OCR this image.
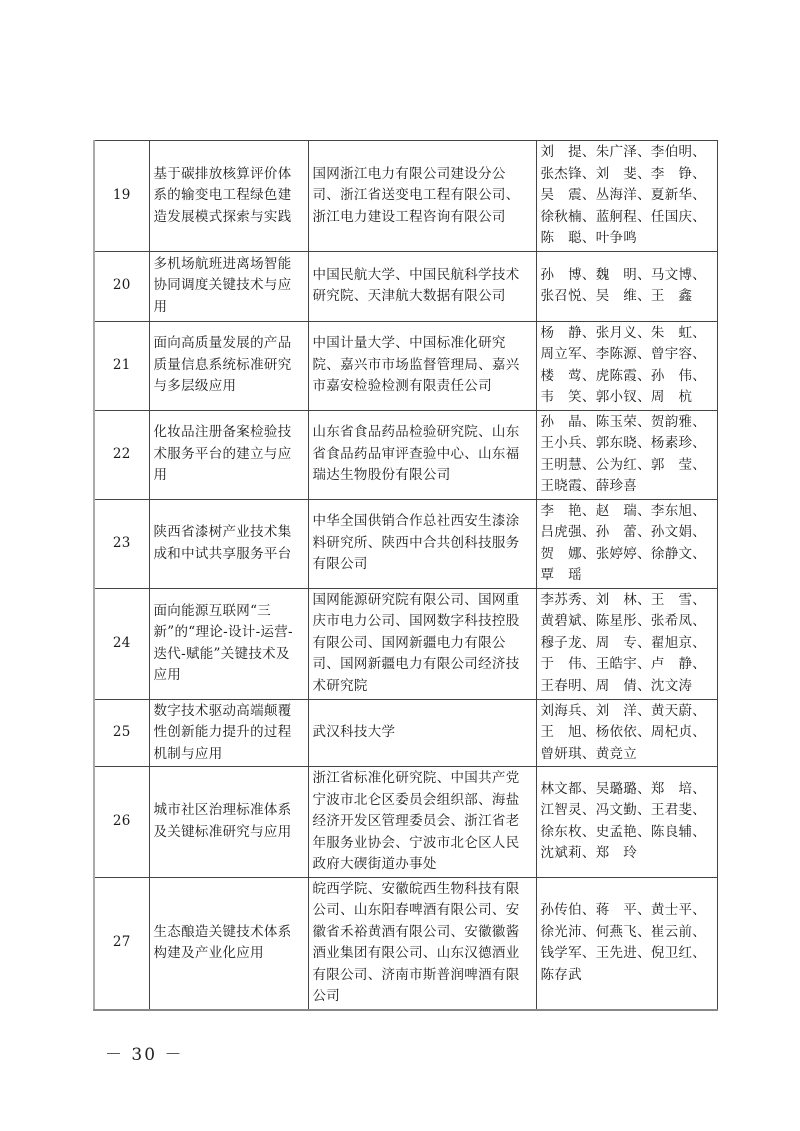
19	基于碳排放核算评价体系的输变电工程绿色建造发展模式探索与实践	国网浙江电力有限公司建设分公司、浙江省送变电工程有限公司、浙江电力建设工程咨询有限公司	刘　提、朱广泽、李伯明、张杰锋、刘　斐、李　铮、吴　震、丛海洋、夏新华、徐秋楠、蓝舸程、任国庆、陈　聪、叶争鸣
20	多机场航班进离场智能协同调度关键技术与应用	中国民航大学、中国民航科学技术研究院、天津航大数据有限公司	孙　博、魏　明、马文博、张召悦、吴　维、王　鑫
21	面向高质量发展的产品质量信息系统标准研究与多层级应用	中国计量大学、中国标准化研究院、嘉兴市市场监督管理局、嘉兴市嘉安检验检测有限责任公司	杨　静、张月义、朱　虹、周立军、李陈源、曾宇容、楼　莺、虎陈霞、孙　伟、韦　笑、郭小钗、周　杭
22	化妆品注册备案检验技术服务平台的建立与应用	山东省食品药品检验研究院、山东省食品药品审评查验中心、山东福瑞达生物股份有限公司	孙　晶、陈玉荣、贺韵雅、王小兵、郭东晓、杨素珍、王明慧、公为红、郭　莹、王晓霞、薛珍喜
23	陕西省漆树产业技术集成和中试共享服务平台	中华全国供销合作总社西安生漆涂料研究所、陕西中合共创科技服务有限公司	李　艳、赵　瑞、李东旭、吕虎强、孙　蕾、孙文娟、贺　娜、张婷婷、徐静文、覃　瑶
24	面向能源互联网“三新”的“理论-设计-运营-迭代-赋能”关键技术及应用	国网能源研究院有限公司、国网重庆市电力公司、国网数字科技控股有限公司、国网新疆电力有限公司、国网新疆电力有限公司经济技术研究院	李苏秀、刘　林、王　雪、黄碧斌、陈星彤、张希凤、穆子龙、周　专、翟旭京、于　伟、王皓宇、卢　静、王春明、周　倩、沈文涛
25	数字技术驱动高端颠覆性创新能力提升的过程机制与应用	武汉科技大学	刘海兵、刘　洋、黄天蔚、王　旭、杨依依、周杞贞、曾妍琪、黄竞立
26	城市社区治理标准体系及关键标准研究与应用	浙江省标准化研究院、中国共产党宁波市北仑区委员会组织部、海盐经济开发区管理委员会、浙江省老年服务业协会、宁波市北仑区人民政府大碶街道办事处	林文都、吴璐璐、郑　培、江智灵、冯文勤、王君斐、徐东枚、史孟艳、陈良辅、沈斌莉、郑　玲
27	生态酿造关键技术体系构建及产业化应用	皖西学院、安徽皖西生物科技有限公司、山东阳春啤酒有限公司、安徽省禾裕黄酒有限公司、安徽徽酱酒业集团有限公司、山东汉德酒业有限公司、济南市斯普润啤酒有限公司	孙传伯、蒋　平、黄士平、徐光沛、何燕飞、崔云前、钱学军、王先进、倪卫红、陈存武
－ 30 －
